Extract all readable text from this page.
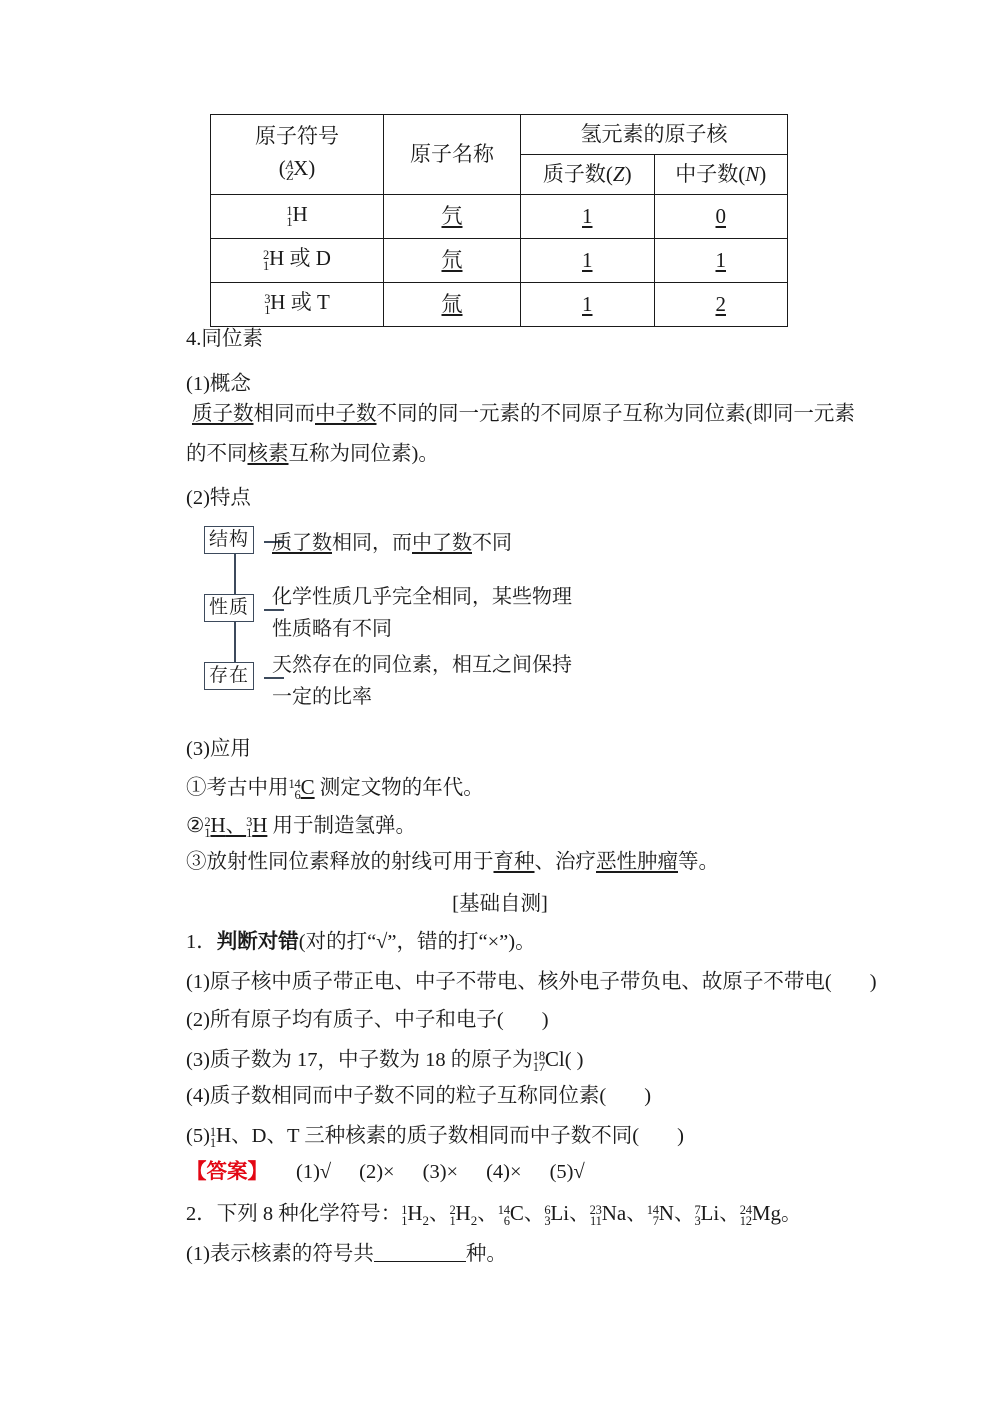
原子符号
( A
Z X)	原子名称	氢元素的原子核	
		质子数(Z)	中子数(N)

1
1 H	氕	1	0

2
1 H 或 D	氘	1	1

3
1 H 或 T	氚	1	2
4.同位素
(1)概念
质子数相同而中子数不同的同一元素的不同原子互称为同位素(即同一元素
的不同核素互称为同位素)。
(2)特点
结构 质了数相同，而中了数不同
性质 化学性质几乎完全相同，某些物理
性质略有不同
存在 天然存在的同位素，相互之间保持
一定的比率
(3)应用
①考古中用 14
6 C 测定文物的年代。
② 2
1 H、 3
1 H 用于制造氢弹。
③放射性同位素释放的射线可用于育种、治疗恶性肿瘤等。
[基础自测]
1．判断对错(对的打“√”，错的打“×”)。
(1)原子核中质子带正电、中子不带电、核外电子带负电、故原子不带电( )
(2)所有原子均有质子、中子和电子( )
(3)质子数为 17，中子数为 18 的原子为 18
17 Cl( )
(4)质子数相同而中子数不同的粒子互称同位素( )
(5) 1
1 H、D、T 三种核素的质子数相同而中子数不同( )
【答案】 (1)√ (2)× (3)× (4)× (5)√
2．下列 8 种化学符号： 1
1 $H_2$、 2
1 $H_2$、 14
6 C、 6
3 Li、 23
11 Na、 14
7 N、 7
3 Li、 24
12 Mg。
(1)表示核素的符号共	种。
